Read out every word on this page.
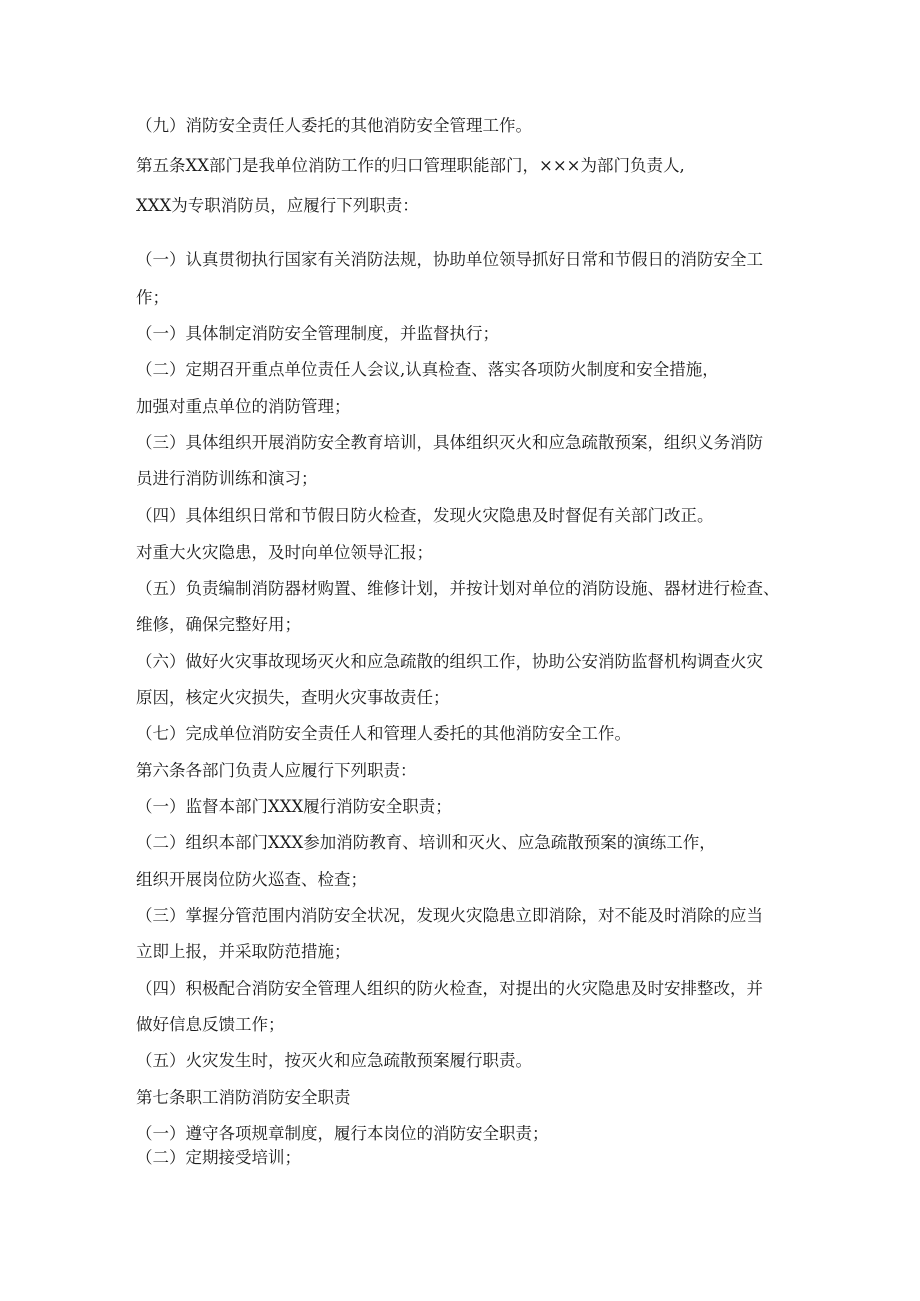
（九）消防安全责任人委托的其他消防安全管理工作。
第五条XX部门是我单位消防工作的归口管理职能部门，×××为部门负责人,
XXX为专职消防员，应履行下列职责：
（一）认真贯彻执行国家有关消防法规，协助单位领导抓好日常和节假日的消防安全工
作；
（一）具体制定消防安全管理制度，并监督执行；
（二）定期召开重点单位责任人会议,认真检查、落实各项防火制度和安全措施，
加强对重点单位的消防管理；
（三）具体组织开展消防安全教育培训，具体组织灭火和应急疏散预案，组织义务消防
员进行消防训练和演习；
（四）具体组织日常和节假日防火检查，发现火灾隐患及时督促有关部门改正。
对重大火灾隐患，及时向单位领导汇报；
（五）负责编制消防器材购置、维修计划，并按计划对单位的消防设施、器材进行检查、
维修，确保完整好用；
（六）做好火灾事故现场灭火和应急疏散的组织工作，协助公安消防监督机构调查火灾
原因，核定火灾损失，查明火灾事故责任；
（七）完成单位消防安全责任人和管理人委托的其他消防安全工作。
第六条各部门负责人应履行下列职责：
（一）监督本部门XXX履行消防安全职责；
（二）组织本部门XXX参加消防教育、培训和灭火、应急疏散预案的演练工作，
组织开展岗位防火巡查、检查；
（三）掌握分管范围内消防安全状况，发现火灾隐患立即消除，对不能及时消除的应当
立即上报，并采取防范措施；
（四）积极配合消防安全管理人组织的防火检查，对提出的火灾隐患及时安排整改，并
做好信息反馈工作；
（五）火灾发生时，按灭火和应急疏散预案履行职责。
第七条职工消防消防安全职责
（一）遵守各项规章制度，履行本岗位的消防安全职责；
（二）定期接受培训；
